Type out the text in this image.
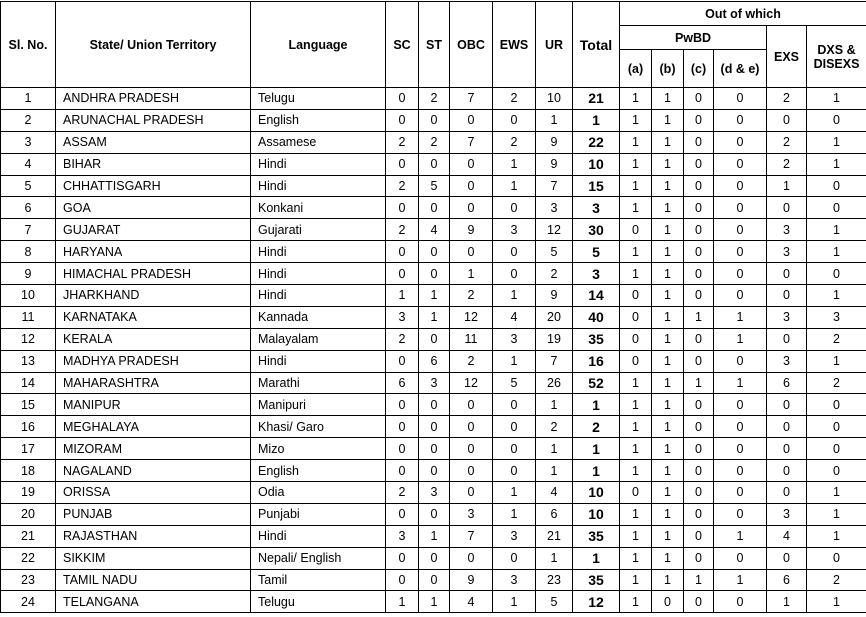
Sl. No.	State/ Union Territory	Language	SC	ST	OBC	EWS	UR	Total	Out of which					
									PwBD				EXS	DXS &
DISEXS
									(a)	(b)	(c)	(d & e)		
1	ANDHRA PRADESH	Telugu	0	2	7	2	10	21	1	1	0	0	2	1
2	ARUNACHAL PRADESH	English	0	0	0	0	1	1	1	1	0	0	0	0
3	ASSAM	Assamese	2	2	7	2	9	22	1	1	0	0	2	1
4	BIHAR	Hindi	0	0	0	1	9	10	1	1	0	0	2	1
5	CHHATTISGARH	Hindi	2	5	0	1	7	15	1	1	0	0	1	0
6	GOA	Konkani	0	0	0	0	3	3	1	1	0	0	0	0
7	GUJARAT	Gujarati	2	4	9	3	12	30	0	1	0	0	3	1
8	HARYANA	Hindi	0	0	0	0	5	5	1	1	0	0	3	1
9	HIMACHAL PRADESH	Hindi	0	0	1	0	2	3	1	1	0	0	0	0
10	JHARKHAND	Hindi	1	1	2	1	9	14	0	1	0	0	0	1
11	KARNATAKA	Kannada	3	1	12	4	20	40	0	1	1	1	3	3
12	KERALA	Malayalam	2	0	11	3	19	35	0	1	0	1	0	2
13	MADHYA PRADESH	Hindi	0	6	2	1	7	16	0	1	0	0	3	1
14	MAHARASHTRA	Marathi	6	3	12	5	26	52	1	1	1	1	6	2
15	MANIPUR	Manipuri	0	0	0	0	1	1	1	1	0	0	0	0
16	MEGHALAYA	Khasi/ Garo	0	0	0	0	2	2	1	1	0	0	0	0
17	MIZORAM	Mizo	0	0	0	0	1	1	1	1	0	0	0	0
18	NAGALAND	English	0	0	0	0	1	1	1	1	0	0	0	0
19	ORISSA	Odia	2	3	0	1	4	10	0	1	0	0	0	1
20	PUNJAB	Punjabi	0	0	3	1	6	10	1	1	0	0	3	1
21	RAJASTHAN	Hindi	3	1	7	3	21	35	1	1	0	1	4	1
22	SIKKIM	Nepali/ English	0	0	0	0	1	1	1	1	0	0	0	0
23	TAMIL NADU	Tamil	0	0	9	3	23	35	1	1	1	1	6	2
24	TELANGANA	Telugu	1	1	4	1	5	12	1	0	0	0	1	1
